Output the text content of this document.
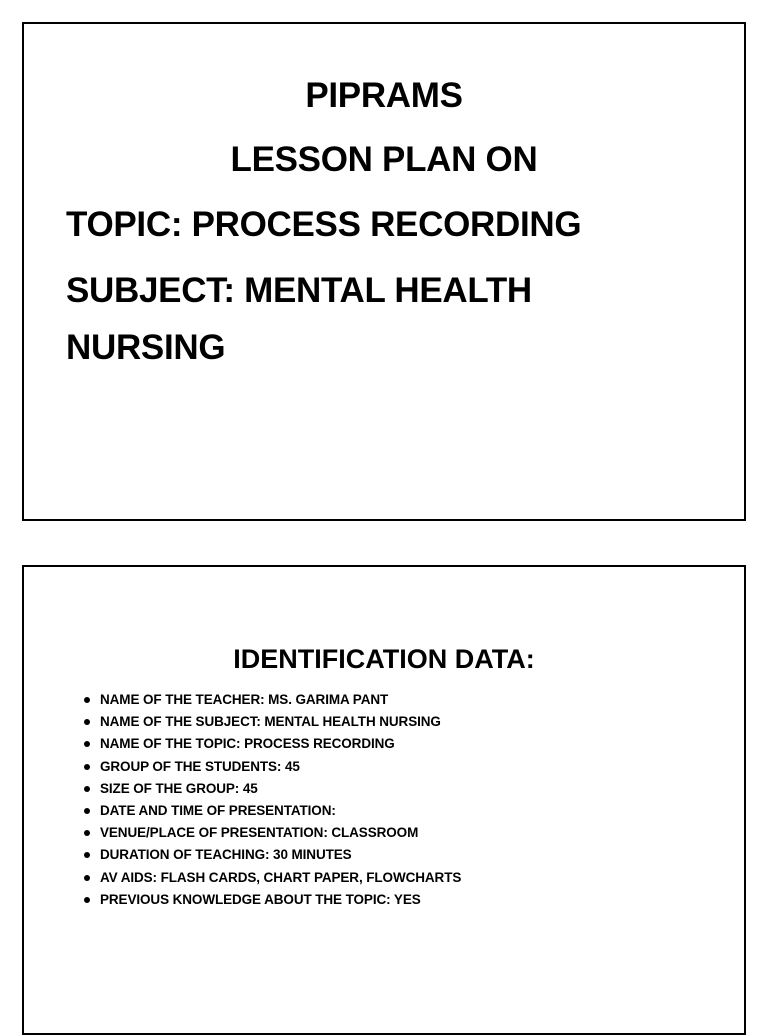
PIPRAMS
LESSON PLAN ON
TOPIC: PROCESS RECORDING
SUBJECT: MENTAL HEALTH
NURSING
IDENTIFICATION DATA:
NAME OF THE TEACHER: MS. GARIMA PANT
NAME OF THE SUBJECT: MENTAL HEALTH NURSING
NAME OF THE TOPIC: PROCESS RECORDING
GROUP OF THE STUDENTS: 45
SIZE OF THE GROUP: 45
DATE AND TIME OF PRESENTATION:
VENUE/PLACE OF PRESENTATION: CLASSROOM
DURATION OF TEACHING: 30 MINUTES
AV AIDS: FLASH CARDS, CHART PAPER, FLOWCHARTS
PREVIOUS KNOWLEDGE ABOUT THE TOPIC: YES
